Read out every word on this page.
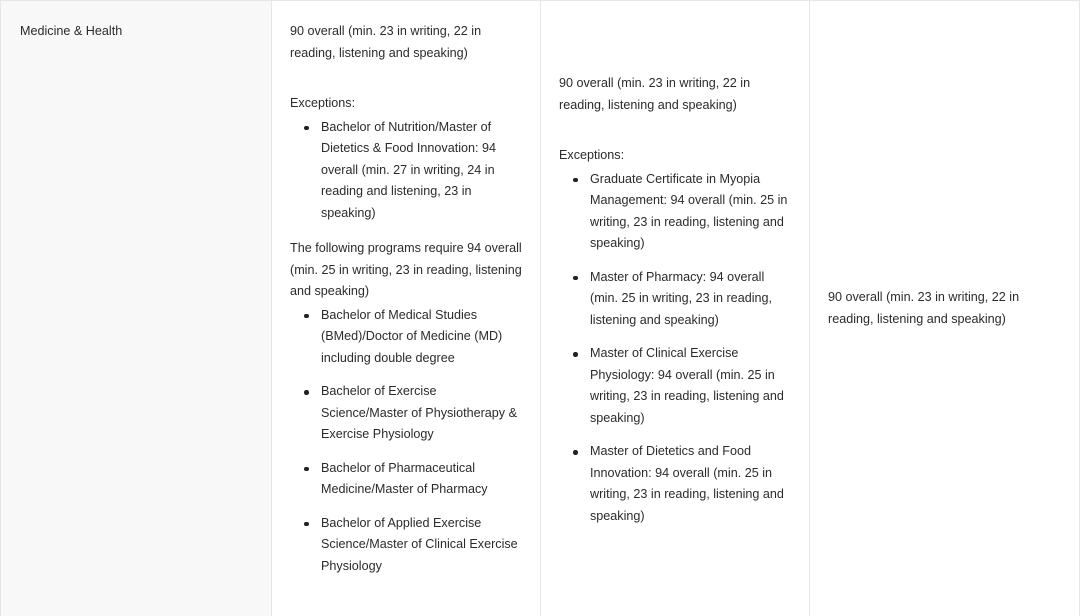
Medicine & Health	90 overall (min. 23 in writing, 22 in reading, listening and speaking)

Exceptions:

Bachelor of Nutrition/Master of Dietetics & Food Innovation: 94 overall (min. 27 in writing, 24 in reading and listening, 23 in speaking)

The following programs require 94 overall (min. 25 in writing, 23 in reading, listening and speaking)

Bachelor of Medical Studies (BMed)/Doctor of Medicine (MD) including double degree
Bachelor of Exercise Science/Master of Physiotherapy & Exercise Physiology
Bachelor of Pharmaceutical Medicine/Master of Pharmacy
Bachelor of Applied Exercise Science/Master of Clinical Exercise Physiology

90 overall (min. 23 in writing, 22 in reading, listening and speaking)

Exceptions:

Graduate Certificate in Myopia Management: 94 overall (min. 25 in writing, 23 in reading, listening and speaking)
Master of Pharmacy: 94 overall (min. 25 in writing, 23 in reading, listening and speaking)
Master of Clinical Exercise Physiology: 94 overall (min. 25 in writing, 23 in reading, listening and speaking)
Master of Dietetics and Food Innovation: 94 overall (min. 25 in writing, 23 in reading, listening and speaking)

90 overall (min. 23 in writing, 22 in reading, listening and speaking)
